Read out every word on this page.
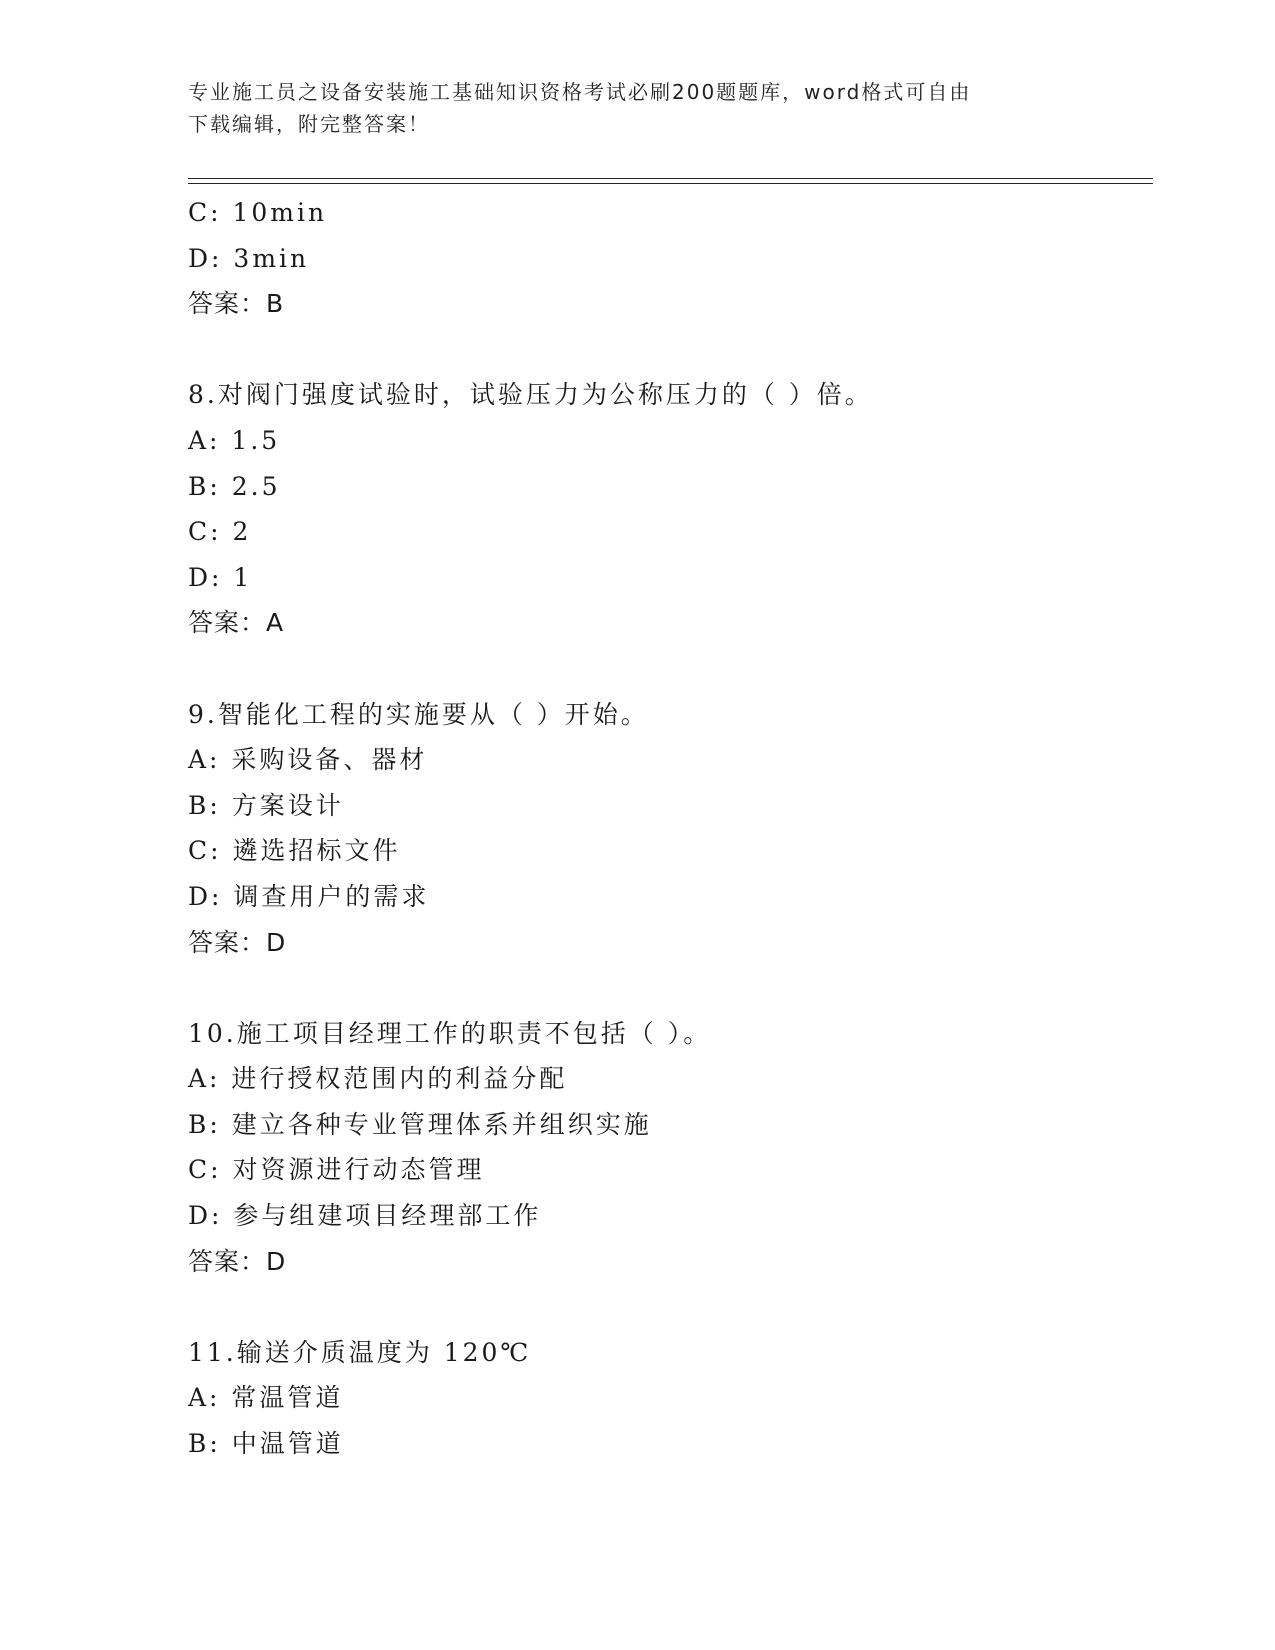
专业施工员之设备安装施工基础知识资格考试必刷200题题库，word格式可自由
下载编辑，附完整答案！
C: 10min
D: 3min
答案：B
8.对阀门强度试验时，试验压力为公称压力的（ ）倍。
A: 1.5
B: 2.5
C: 2
D: 1
答案：A
9.智能化工程的实施要从（ ）开始。
A: 采购设备、器材
B: 方案设计
C: 遴选招标文件
D: 调查用户的需求
答案：D
10.施工项目经理工作的职责不包括（ ）。
A: 进行授权范围内的利益分配
B: 建立各种专业管理体系并组织实施
C: 对资源进行动态管理
D: 参与组建项目经理部工作
答案：D
11.输送介质温度为 120℃
A: 常温管道
B: 中温管道
